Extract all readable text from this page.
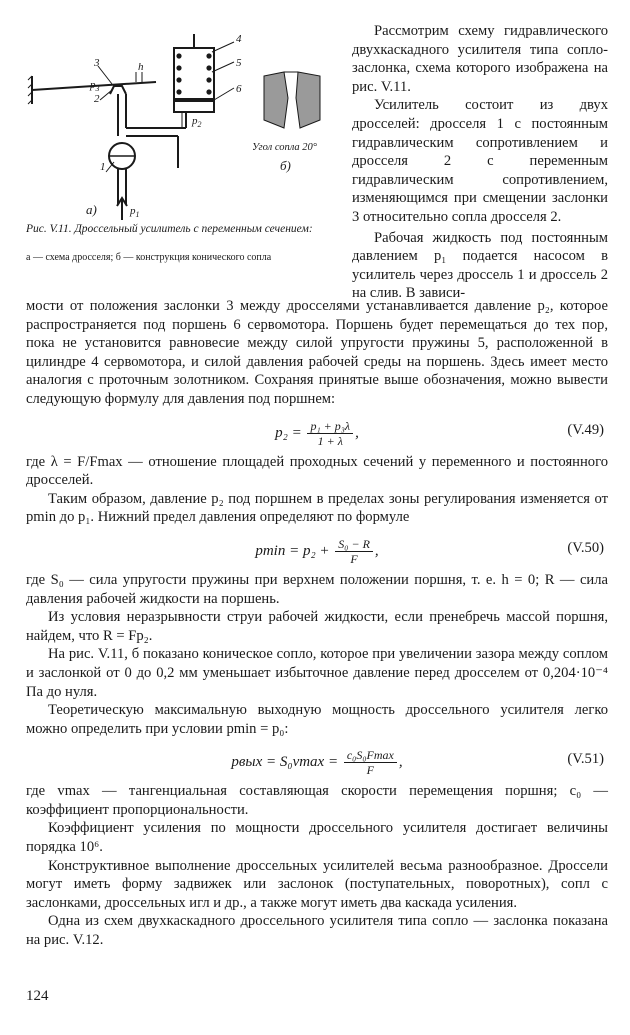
3
2
1
4
5
6
h
$p_3$
$p_2$
$p_1$
а)
б)
Угол сопла 20°
Рис. V.11. Дроссельный усилитель с переменным сечением:
а — схема дросселя; б — конструкция конического сопла

Рассмотрим схему гидравлического двухкаскадного усилителя типа сопло-заслонка, схема которого изображена на рис. V.11.

Усилитель состоит из двух дросселей: дросселя 1 с постоянным гидравлическим сопротивлением и дросселя 2 с переменным гидравлическим сопротивлением, изменяющимся при смещении заслонки 3 относительно сопла дросселя 2.

Рабочая жидкость под постоянным давлением p₁ подается насосом в усилитель через дроссель 1 и дроссель 2 на слив. В зависи-

мости от положения заслонки 3 между дросселями устанавливается давление p₂, которое распространяется под поршень 6 сервомотора. Поршень будет перемещаться до тех пор, пока не установится равновесие между силой упругости пружины 5, расположенной в цилиндре 4 сервомотора, и силой давления рабочей среды на поршень. Здесь имеет место аналогия с проточным золотником. Сохраняя принятые выше обозначения, можно вывести следующую формулу для давления под поршнем:

$p_2 = \frac{\text{p₁ + p₃λ}}{1 + \lambda}$ ,	(V.49)

где λ = F/Fmax — отношение площадей проходных сечений у переменного и постоянного дросселей.

Таким образом, давление p₂ под поршнем в пределах зоны регулирования изменяется от pmin до p₁. Нижний предел давления определяют по формуле

$pmin = p_2 + \frac{\text{S₀ − R}}{F}$ ,	(V.50)

где S₀ — сила упругости пружины при верхнем положении поршня, т. е. h = 0; R — сила давления рабочей жидкости на поршень.

Из условия неразрывности струи рабочей жидкости, если пренебречь массой поршня, найдем, что R = Fp₂.

На рис. V.11, б показано коническое сопло, которое при увеличении зазора между соплом и заслонкой от 0 до 0,2 мм уменьшает избыточное давление перед дросселем от 0,204·10⁻⁴ Па до нуля.

Теоретическую максимальную выходную мощность дроссельного усилителя легко можно определить при условии pmin = p₀:

pвых = $S_0vmax = \frac{\text{c₀S₀Fmax}}{F}$ ,	(V.51)

где vmax — тангенциальная составляющая скорости перемещения поршня; c₀ — коэффициент пропорциональности.

Коэффициент усиления по мощности дроссельного усилителя достигает величины порядка 10⁶.

Конструктивное выполнение дроссельных усилителей весьма разнообразное. Дроссели могут иметь форму задвижек или заслонок (поступательных, поворотных), сопл с заслонками, дроссельных игл и др., а также могут иметь два каскада усиления.

Одна из схем двухкаскадного дроссельного усилителя типа сопло — заслонка показана на рис. V.12.

124
